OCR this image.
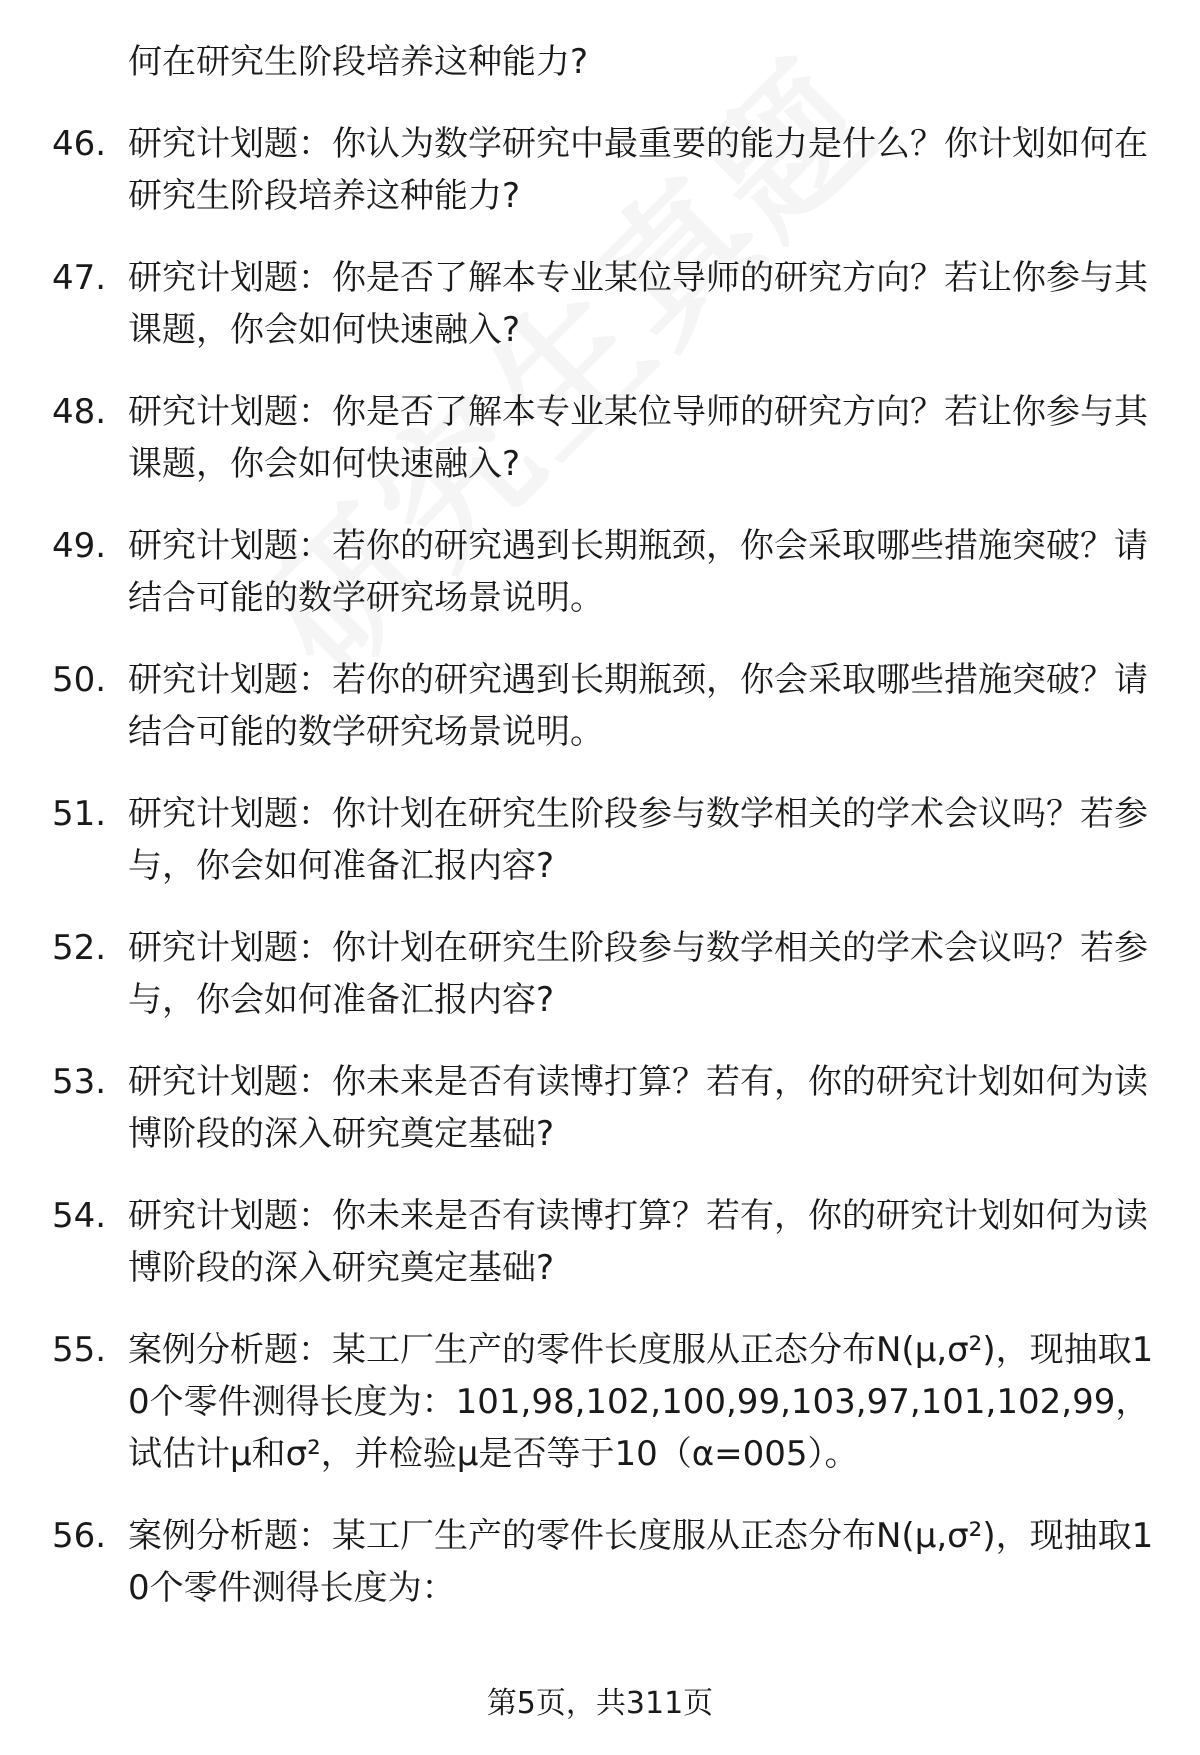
何在研究生阶段培养这种能力?
46. 研究计划题：你认为数学研究中最重要的能力是什么？你计划如何在研究生阶段培养这种能力?
47. 研究计划题：你是否了解本专业某位导师的研究方向？若让你参与其课题，你会如何快速融入?
48. 研究计划题：你是否了解本专业某位导师的研究方向？若让你参与其课题，你会如何快速融入?
49. 研究计划题：若你的研究遇到长期瓶颈，你会采取哪些措施突破？请结合可能的数学研究场景说明。
50. 研究计划题：若你的研究遇到长期瓶颈，你会采取哪些措施突破？请结合可能的数学研究场景说明。
51. 研究计划题：你计划在研究生阶段参与数学相关的学术会议吗？若参与，你会如何准备汇报内容?
52. 研究计划题：你计划在研究生阶段参与数学相关的学术会议吗？若参与，你会如何准备汇报内容?
53. 研究计划题：你未来是否有读博打算？若有，你的研究计划如何为读博阶段的深入研究奠定基础?
54. 研究计划题：你未来是否有读博打算？若有，你的研究计划如何为读博阶段的深入研究奠定基础?
55. 案例分析题：某工厂生产的零件长度服从正态分布N(μ,σ²)，现抽取10个零件测得长度为：101,98,102,100,99,103,97,101,102,99，试估计μ和σ²，并检验μ是否等于10（α=005）。
56. 案例分析题：某工厂生产的零件长度服从正态分布N(μ,σ²)，现抽取10个零件测得长度为：
第5页，共311页
